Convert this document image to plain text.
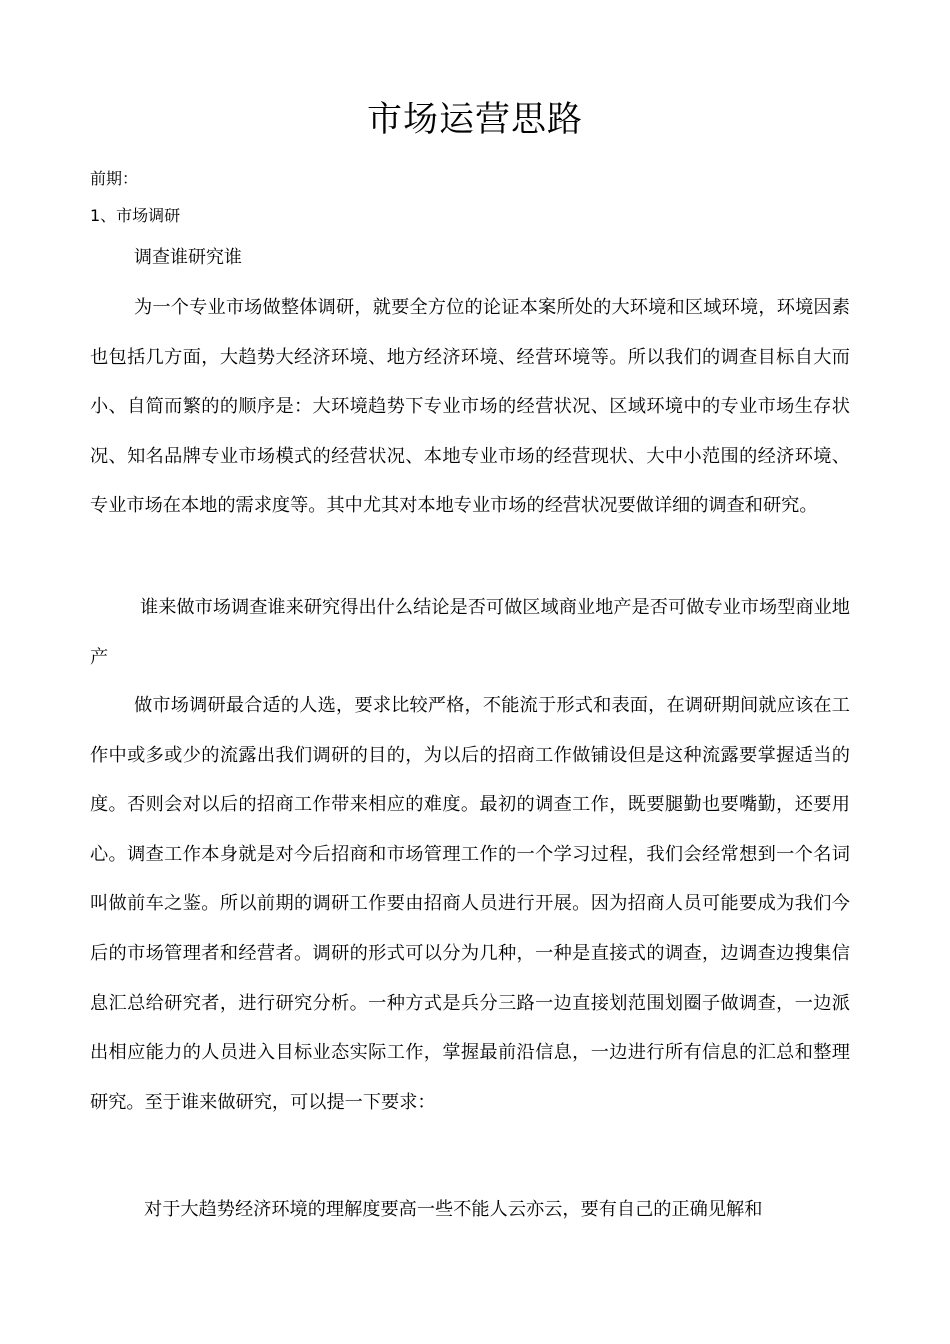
市场运营思路

前期：

1、市场调研

调查谁研究谁

为一个专业市场做整体调研，就要全方位的论证本案所处的大环境和区域环境，环境因素也包括几方面，大趋势大经济环境、地方经济环境、经营环境等。所以我们的调查目标自大而小、自简而繁的的顺序是：大环境趋势下专业市场的经营状况、区域环境中的专业市场生存状况、知名品牌专业市场模式的经营状况、本地专业市场的经营现状、大中小范围的经济环境、专业市场在本地的需求度等。其中尤其对本地专业市场的经营状况要做详细的调查和研究。

谁来做市场调查谁来研究得出什么结论是否可做区域商业地产是否可做专业市场型商业地产

做市场调研最合适的人选，要求比较严格，不能流于形式和表面，在调研期间就应该在工作中或多或少的流露出我们调研的目的，为以后的招商工作做铺设但是这种流露要掌握适当的度。否则会对以后的招商工作带来相应的难度。最初的调查工作，既要腿勤也要嘴勤，还要用心。调查工作本身就是对今后招商和市场管理工作的一个学习过程，我们会经常想到一个名词叫做前车之鉴。所以前期的调研工作要由招商人员进行开展。因为招商人员可能要成为我们今后的市场管理者和经营者。调研的形式可以分为几种，一种是直接式的调查，边调查边搜集信息汇总给研究者，进行研究分析。一种方式是兵分三路一边直接划范围划圈子做调查，一边派出相应能力的人员进入目标业态实际工作，掌握最前沿信息，一边进行所有信息的汇总和整理研究。至于谁来做研究，可以提一下要求：

对于大趋势经济环境的理解度要高一些不能人云亦云，要有自己的正确见解和
